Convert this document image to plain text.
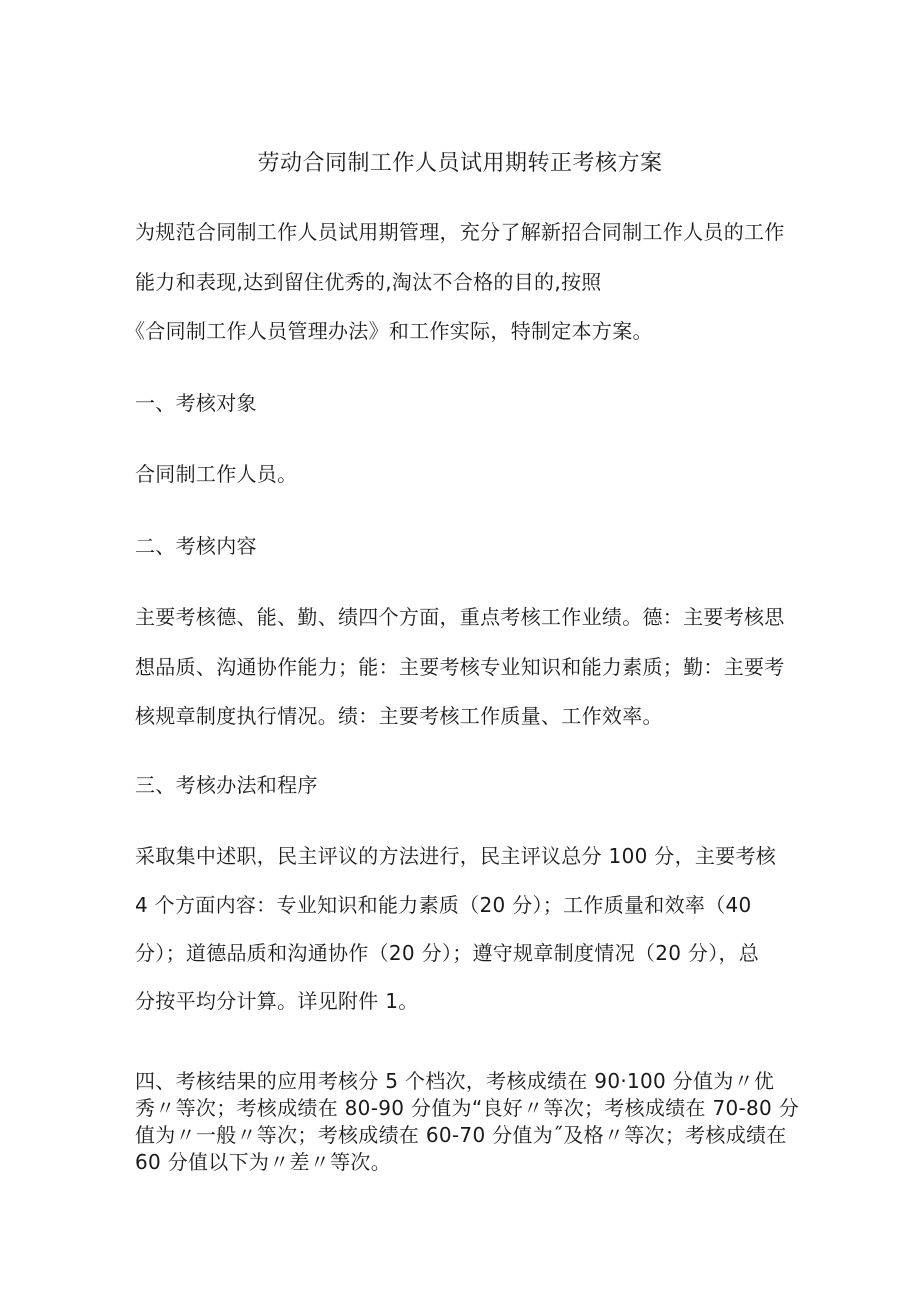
劳动合同制工作人员试用期转正考核方案
为规范合同制工作人员试用期管理，充分了解新招合同制工作人员的工作
能力和表现,达到留住优秀的,淘汰不合格的目的,按照
《合同制工作人员管理办法》和工作实际，特制定本方案。
一、考核对象
合同制工作人员。
二、考核内容
主要考核德、能、勤、绩四个方面，重点考核工作业绩。德：主要考核思
想品质、沟通协作能力；能：主要考核专业知识和能力素质；勤：主要考
核规章制度执行情况。绩：主要考核工作质量、工作效率。
三、考核办法和程序
采取集中述职，民主评议的方法进行，民主评议总分 100 分，主要考核
4 个方面内容：专业知识和能力素质（20 分）；工作质量和效率（40
分）；道德品质和沟通协作（20 分）；遵守规章制度情况（20 分），总
分按平均分计算。详见附件 1。
四、考核结果的应用考核分 5 个档次，考核成绩在 90·100 分值为〃优
秀〃等次；考核成绩在 80-90 分值为“良好〃等次；考核成绩在 70-80 分
值为〃一般〃等次；考核成绩在 60-70 分值为˝及格〃等次；考核成绩在
60 分值以下为〃差〃等次。
